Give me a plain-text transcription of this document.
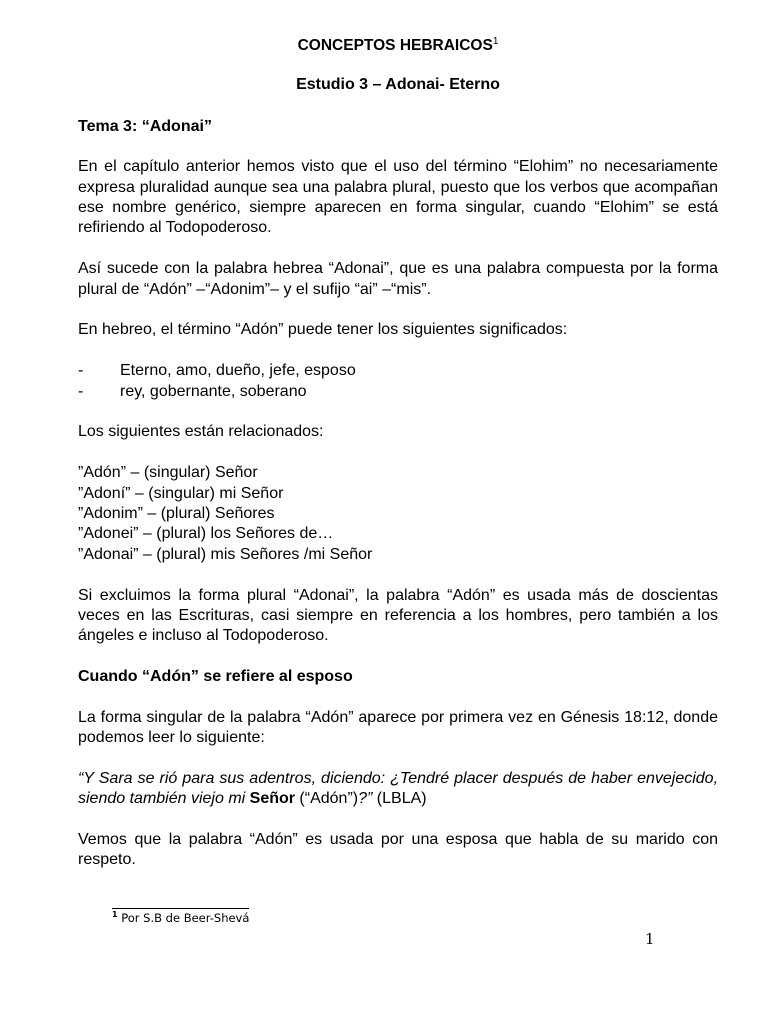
CONCEPTOS HEBRAICOS$^1$
Estudio 3 – Adonai- Eterno
Tema 3: “Adonai”

En el capítulo anterior hemos visto que el uso del término “Elohim” no necesariamente expresa pluralidad aunque sea una palabra plural, puesto que los verbos que acompañan ese nombre genérico, siempre aparecen en forma singular, cuando “Elohim” se está refiriendo al Todopoderoso.

Así sucede con la palabra hebrea “Adonai”, que es una palabra compuesta por la forma plural de “Adón” –“Adonim”– y el sufijo “ai” –“mis”.

En hebreo, el término “Adón” puede tener los siguientes significados:

-	Eterno, amo, dueño, jefe, esposo
-	rey, gobernante, soberano

Los siguientes están relacionados:

”Adón” – (singular) Señor
”Adoní” – (singular) mi Señor
”Adonim” – (plural) Señores
”Adonei” – (plural) los Señores de…
”Adonai” – (plural) mis Señores /mi Señor

Si excluimos la forma plural “Adonai”, la palabra “Adón” es usada más de doscientas veces en las Escrituras, casi siempre en referencia a los hombres, pero también a los ángeles e incluso al Todopoderoso.

Cuando “Adón” se refiere al esposo

La forma singular de la palabra “Adón” aparece por primera vez en Génesis 18:12, donde podemos leer lo siguiente:

“Y Sara se rió para sus adentros, diciendo: ¿Tendré placer después de haber envejecido, siendo también viejo mi Señor (“Adón”)?” (LBLA)

Vemos que la palabra “Adón” es usada por una esposa que habla de su marido con respeto.

$^1$ Por S.B de Beer-Shevá
1
